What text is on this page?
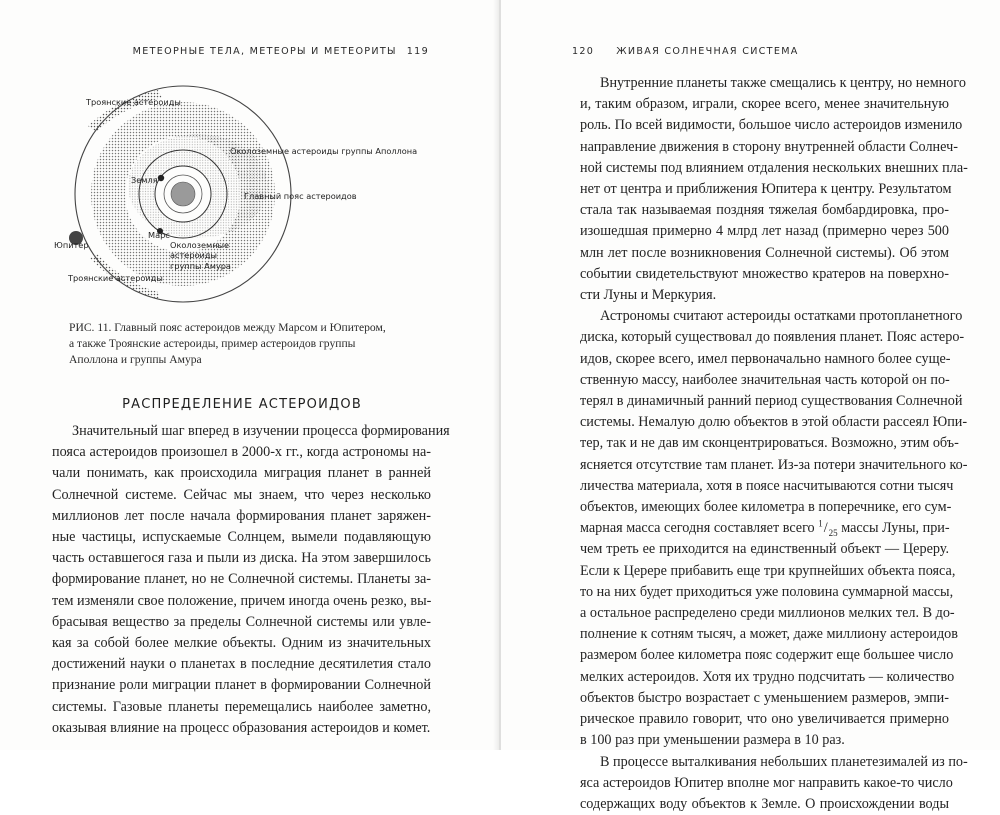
МЕТЕОРНЫЕ ТЕЛА, МЕТЕОРЫ И МЕТЕОРИТЫ 119
Троянские астероиды
Околоземные астероиды группы Аполлона
Земля
Главный пояс астероидов
Марс
Юпитер	Околоземные
астероиды
группы Амура
Троянские астероиды

РИС. 11. Главный пояс астероидов между Марсом и Юпитером,

а также Троянские астероиды, пример астероидов группы

Аполлона и группы Амура

РАСПРЕДЕЛЕНИЕ АСТЕРОИДОВ
Значительный шаг вперед в изучении процесса формирования
пояса астероидов произошел в 2000-х гг., когда астрономы на-
чали понимать, как происходила миграция планет в ранней
Солнечной системе. Сейчас мы знаем, что через несколько
миллионов лет после начала формирования планет заряжен-
ные частицы, испускаемые Солнцем, вымели подавляющую
часть оставшегося газа и пыли из диска. На этом завершилось
формирование планет, но не Солнечной системы. Планеты за-
тем изменяли свое положение, причем иногда очень резко, вы-
брасывая вещество за пределы Солнечной системы или увле-
кая за собой более мелкие объекты. Одним из значительных
достижений науки о планетах в последние десятилетия стало
признание роли миграции планет в формировании Солнечной
системы. Газовые планеты перемещались наиболее заметно,
оказывая влияние на процесс образования астероидов и комет.
120 ЖИВАЯ СОЛНЕЧНАЯ СИСТЕМА
Внутренние планеты также смещались к центру, но немного
и, таким образом, играли, скорее всего, менее значительную
роль. По всей видимости, большое число астероидов изменило
направление движения в сторону внутренней области Солнеч-
ной системы под влиянием отдаления нескольких внешних пла-
нет от центра и приближения Юпитера к центру. Результатом
стала так называемая поздняя тяжелая бомбардировка, про-
изошедшая примерно 4 млрд лет назад (примерно через 500
млн лет после возникновения Солнечной системы). Об этом
событии свидетельствуют множество кратеров на поверхно-
сти Луны и Меркурия.
Астрономы считают астероиды остатками протопланетного
диска, который существовал до появления планет. Пояс астеро-
идов, скорее всего, имел первоначально намного более суще-
ственную массу, наиболее значительная часть которой он по-
терял в динамичный ранний период существования Солнечной
системы. Немалую долю объектов в этой области рассеял Юпи-
тер, так и не дав им сконцентрироваться. Возможно, этим объ-
ясняется отсутствие там планет. Из-за потери значительного ко-
личества материала, хотя в поясе насчитываются сотни тысяч
объектов, имеющих более километра в поперечнике, его сум-
марная масса сегодня составляет всего $^1/_{25}$ массы Луны, при-
чем треть ее приходится на единственный объект — Цереру.
Если к Церере прибавить еще три крупнейших объекта пояса,
то на них будет приходиться уже половина суммарной массы,
а остальное распределено среди миллионов мелких тел. В до-
полнение к сотням тысяч, а может, даже миллиону астероидов
размером более километра пояс содержит еще большее число
мелких астероидов. Хотя их трудно подсчитать — количество
объектов быстро возрастает с уменьшением размеров, эмпи-
рическое правило говорит, что оно увеличивается примерно
в 100 раз при уменьшении размера в 10 раз.
В процессе выталкивания небольших планетезималей из по-
яса астероидов Юпитер вполне мог направить какое-то число
содержащих воду объектов к Земле. О происхождении воды
